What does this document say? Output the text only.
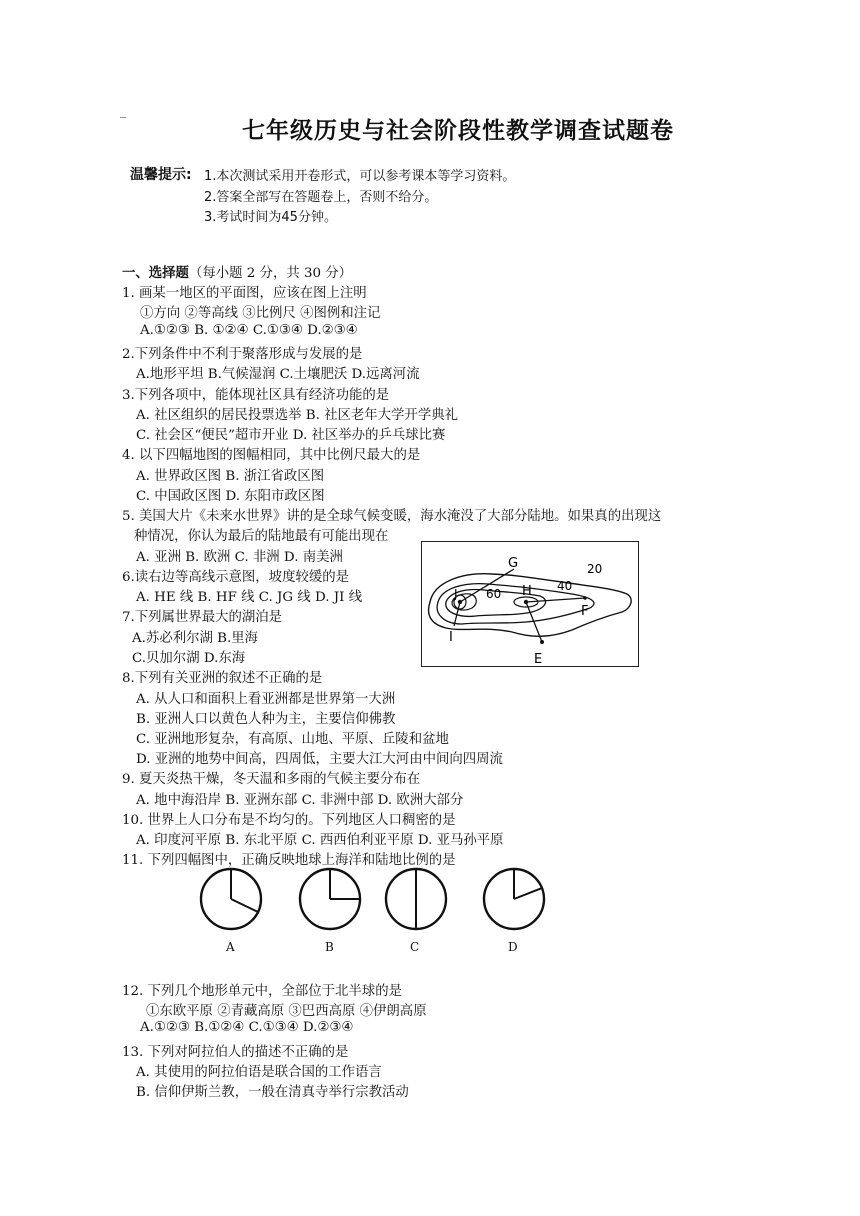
_
七年级历史与社会阶段性教学调查试题卷
温馨提示: 1.本次测试采用开卷形式，可以参考课本等学习资料。
2.答案全部写在答题卷上，否则不给分。
3.考试时间为45分钟。
一、选择题（每小题 2 分，共 30 分）
1. 画某一地区的平面图，应该在图上注明
①方向 ②等高线 ③比例尺 ④图例和注记
A.①②③ B. ①②④ C.①③④ D.②③④
2.下列条件中不利于聚落形成与发展的是
A.地形平坦 B.气候湿润 C.土壤肥沃 D.远离河流
3.下列各项中，能体现社区具有经济功能的是
A. 社区组织的居民投票选举 B. 社区老年大学开学典礼
C. 社会区“便民”超市开业 D. 社区举办的乒乓球比赛
4. 以下四幅地图的图幅相同，其中比例尺最大的是
A. 世界政区图 B. 浙江省政区图
C. 中国政区图 D. 东阳市政区图
5. 美国大片《未来水世界》讲的是全球气候变暖，海水淹没了大部分陆地。如果真的出现这
种情况，你认为最后的陆地最有可能出现在
A. 亚洲 B. 欧洲 C. 非洲 D. 南美洲
6.读右边等高线示意图，坡度较缓的是
A. HE 线 B. HF 线 C. JG 线 D. JI 线
7.下列属世界最大的湖泊是
A.苏必利尔湖 B.里海
C.贝加尔湖 D.东海
8.下列有关亚洲的叙述不正确的是
A. 从人口和面积上看亚洲都是世界第一大洲
B. 亚洲人口以黄色人种为主，主要信仰佛教
C. 亚洲地形复杂，有高原、山地、平原、丘陵和盆地
D. 亚洲的地势中间高，四周低，主要大江大河由中间向四周流
9. 夏天炎热干燥，冬天温和多雨的气候主要分布在
A. 地中海沿岸 B. 亚洲东部 C. 非洲中部 D. 欧洲大部分
10. 世界上人口分布是不均匀的。下列地区人口稠密的是
A. 印度河平原 B. 东北平原 C. 西西伯利亚平原 D. 亚马孙平原
11. 下列四幅图中，正确反映地球上海洋和陆地比例的是
12. 下列几个地形单元中，全部位于北半球的是
①东欧平原 ②青藏高原 ③巴西高原 ④伊朗高原
A.①②③ B.①②④ C.①③④ D.②③④
13. 下列对阿拉伯人的描述不正确的是
A. 其使用的阿拉伯语是联合国的工作语言
B. 信仰伊斯兰教，一般在清真寺举行宗教活动
G
H
J
I
E
F
20
40
60
A	B	C	D
